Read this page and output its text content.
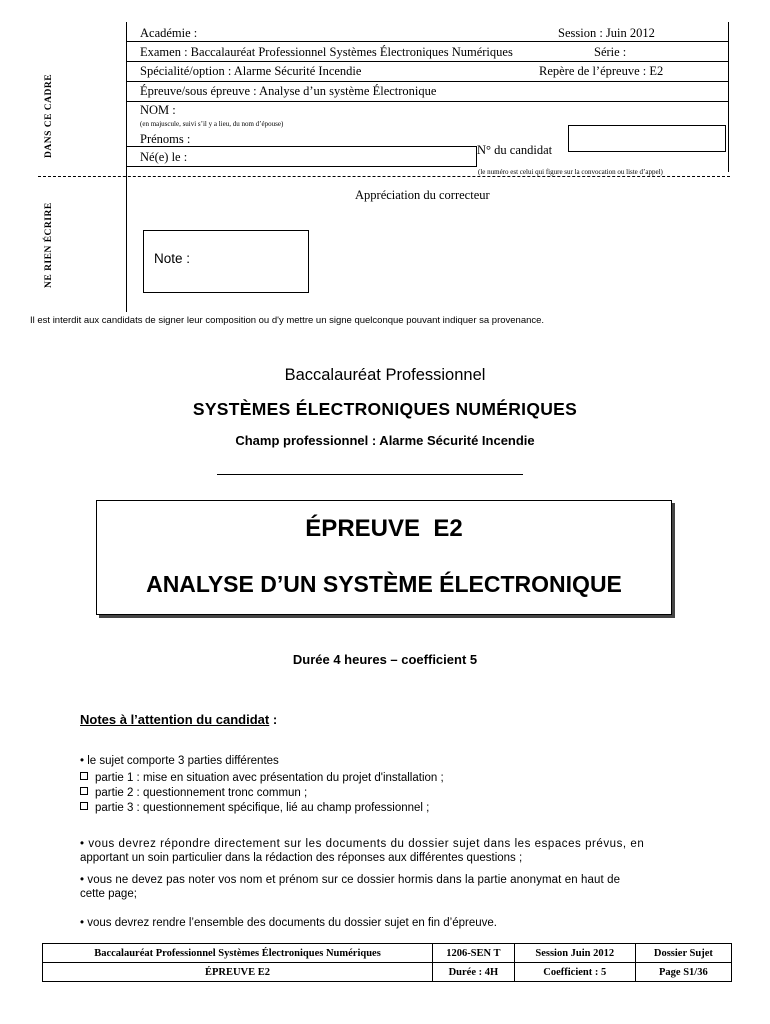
Académie :	Session : Juin 2012
Examen : Baccalauréat Professionnel Systèmes Électroniques Numériques	Série :
Spécialité/option : Alarme Sécurité Incendie	Repère de l’épreuve : E2
Épreuve/sous épreuve : Analyse d’un système Électronique
NOM :
(en majuscule, suivi s’il y a lieu, du nom d’épouse)
Prénoms :
Né(e) le :	N° du candidat
(le numéro est celui qui figure sur la convocation ou liste d’appel)
Appréciation du correcteur
Note :
DANS CE CADRE
NE RIEN ÉCRIRE
Il est interdit aux candidats de signer leur composition ou d'y mettre un signe quelconque pouvant indiquer sa provenance.
Baccalauréat Professionnel
SYSTÈMES ÉLECTRONIQUES NUMÉRIQUES
Champ professionnel : Alarme Sécurité Incendie
ÉPREUVE  E2
ANALYSE D’UN SYSTÈME ÉLECTRONIQUE
Durée 4 heures – coefficient 5
Notes à l’attention du candidat :
• le sujet comporte 3 parties différentes
partie 1 : mise en situation avec présentation du projet d'installation ;
partie 2 : questionnement tronc commun ;
partie 3 : questionnement spécifique, lié au champ professionnel ;
• vous devrez répondre directement sur les documents du dossier sujet dans les espaces prévus, en
apportant un soin particulier dans la rédaction des réponses aux différentes questions ;
• vous ne devez pas noter vos nom et prénom sur ce dossier hormis dans la partie anonymat en haut de
cette page;
• vous devrez rendre l’ensemble des documents du dossier sujet en fin d’épreuve.
Baccalauréat Professionnel Systèmes Électroniques Numériques	1206-SEN T	Session Juin 2012	Dossier Sujet
ÉPREUVE E2	Durée : 4H	Coefficient : 5	Page S1/36
